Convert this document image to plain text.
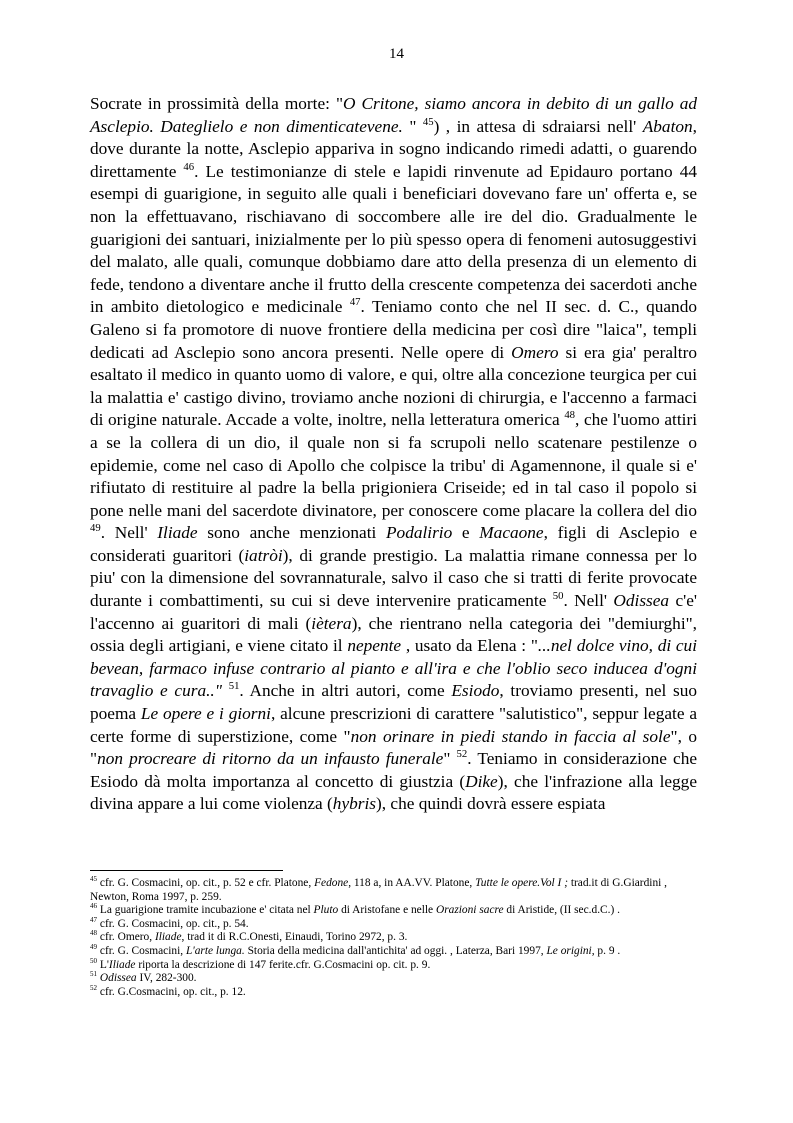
14

Socrate in prossimità della morte: "O Critone, siamo ancora in debito di un gallo ad Asclepio. Dateglielo e non dimenticatevene. " $^{45}$) , in attesa di sdraiarsi nell' Abaton, dove durante la notte, Asclepio appariva in sogno indicando rimedi adatti, o guarendo direttamente $^{46}$. Le testimonianze di stele e lapidi rinvenute ad Epidauro portano 44 esempi di guarigione, in seguito alle quali i beneficiari dovevano fare un' offerta e, se non la effettuavano, rischiavano di soccombere alle ire del dio. Gradualmente le guarigioni dei santuari, inizialmente per lo più spesso opera di fenomeni autosuggestivi del malato, alle quali, comunque dobbiamo dare atto della presenza di un elemento di fede, tendono a diventare anche il frutto della crescente competenza dei sacerdoti anche in ambito dietologico e medicinale $^{47}$. Teniamo conto che nel II sec. d. C., quando Galeno si fa promotore di nuove frontiere della medicina per così dire "laica", templi dedicati ad Asclepio sono ancora presenti. Nelle opere di Omero si era gia' peraltro esaltato il medico in quanto uomo di valore, e qui, oltre alla concezione teurgica per cui la malattia e' castigo divino, troviamo anche nozioni di chirurgia, e l'accenno a farmaci di origine naturale. Accade a volte, inoltre, nella letteratura omerica $^{48}$, che l'uomo attiri a se la collera di un dio, il quale non si fa scrupoli nello scatenare pestilenze o epidemie, come nel caso di Apollo che colpisce la tribu' di Agamennone, il quale si e' rifiutato di restituire al padre la bella prigioniera Criseide; ed in tal caso il popolo si pone nelle mani del sacerdote divinatore, per conoscere come placare la collera del dio $^{49}$. Nell' Iliade sono anche menzionati Podalirio e Macaone, figli di Asclepio e considerati guaritori (iatròi), di grande prestigio. La malattia rimane connessa per lo piu' con la dimensione del sovrannaturale, salvo il caso che si tratti di ferite provocate durante i combattimenti, su cui si deve intervenire praticamente $^{50}$. Nell' Odissea c'e' l'accenno ai guaritori di mali (iètera), che rientrano nella categoria dei "demiurghi", ossia degli artigiani, e viene citato il nepente , usato da Elena : "...nel dolce vino, di cui bevean, farmaco infuse contrario al pianto e all'ira e che l'oblio seco inducea d'ogni travaglio e cura.." $^{51}$. Anche in altri autori, come Esiodo, troviamo presenti, nel suo poema Le opere e i giorni, alcune prescrizioni di carattere "salutistico", seppur legate a certe forme di superstizione, come "non orinare in piedi stando in faccia al sole", o "non procreare di ritorno da un infausto funerale" $^{52}$. Teniamo in considerazione che Esiodo dà molta importanza al concetto di giustzia (Dike), che l'infrazione alla legge divina appare a lui come violenza (hybris), che quindi dovrà essere espiata

$^{45}$ cfr. G. Cosmacini, op. cit., p. 52 e cfr. Platone, Fedone, 118 a, in AA.VV. Platone, Tutte le opere.Vol I ; trad.it di G.Giardini , Newton, Roma 1997, p. 259.
$^{46}$ La guarigione tramite incubazione e' citata nel Pluto di Aristofane e nelle Orazioni sacre di Aristide, (II sec.d.C.) .
$^{47}$ cfr. G. Cosmacini, op. cit., p. 54.
$^{48}$ cfr. Omero, Iliade, trad it di R.C.Onesti, Einaudi, Torino 2972, p. 3.
$^{49}$ cfr. G. Cosmacini, L'arte lunga. Storia della medicina dall'antichita' ad oggi. , Laterza, Bari 1997, Le origini, p. 9 .
$^{50}$ L'Iliade riporta la descrizione di 147 ferite.cfr. G.Cosmacini op. cit. p. 9.
$^{51}$ Odissea IV, 282-300.
$^{52}$ cfr. G.Cosmacini, op. cit., p. 12.
